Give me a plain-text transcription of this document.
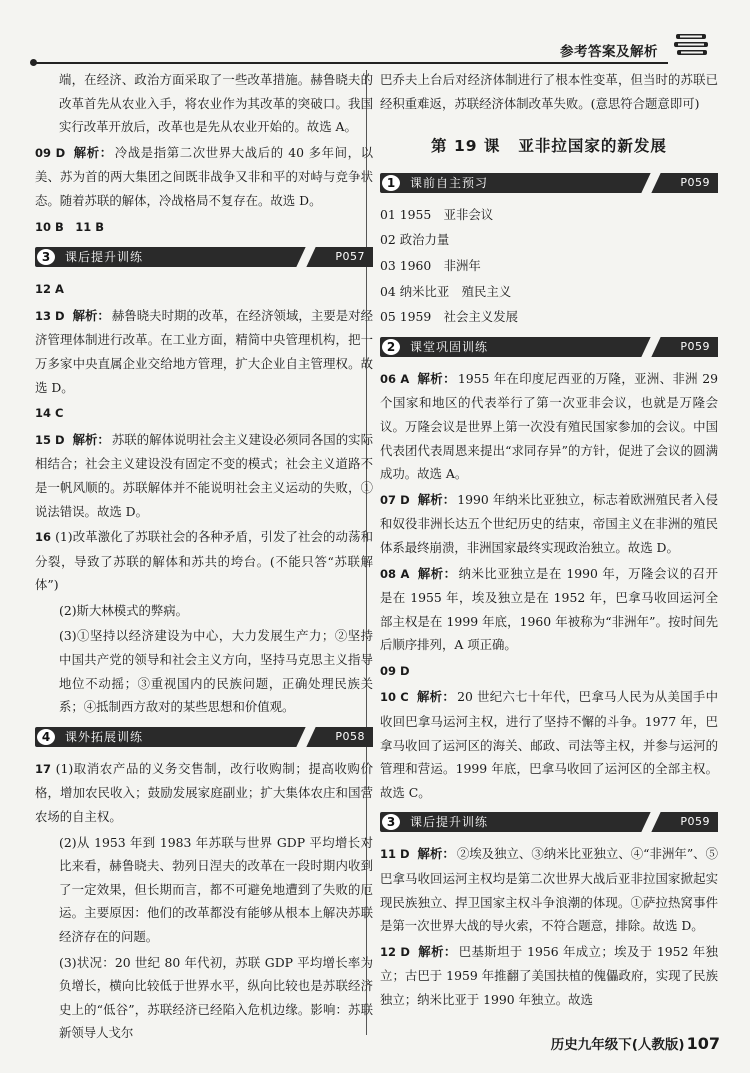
参考答案及解析
端，在经济、政治方面采取了一些改革措施。赫鲁晓夫的改革首先从农业入手，将农业作为其改革的突破口。我国实行改革开放后，改革也是先从农业开始的。故选 A。
09 D 解析： 冷战是指第二次世界大战后的 40 多年间，以美、苏为首的两大集团之间既非战争又非和平的对峙与竞争状态。随着苏联的解体，冷战格局不复存在。故选 D。
10 B　11 B
3	课后提升训练	P057
12 A
13 D 解析： 赫鲁晓夫时期的改革，在经济领域，主要是对经济管理体制进行改革。在工业方面，精简中央管理机构，把一万多家中央直属企业交给地方管理，扩大企业自主管理权。故选 D。
14 C
15 D 解析： 苏联的解体说明社会主义建设必须同各国的实际相结合；社会主义建设没有固定不变的模式；社会主义道路不是一帆风顺的。苏联解体并不能说明社会主义运动的失败，①说法错误。故选 D。
16 (1)改革激化了苏联社会的各种矛盾，引发了社会的动荡和分裂，导致了苏联的解体和苏共的垮台。(不能只答“苏联解体”)
(2)斯大林模式的弊病。
(3)①坚持以经济建设为中心，大力发展生产力；②坚持中国共产党的领导和社会主义方向，坚持马克思主义指导地位不动摇；③重视国内的民族问题，正确处理民族关系；④抵制西方敌对的某些思想和价值观。
4	课外拓展训练	P058
17 (1)取消农产品的义务交售制，改行收购制；提高收购价格，增加农民收入；鼓励发展家庭副业；扩大集体农庄和国营农场的自主权。
(2)从 1953 年到 1983 年苏联与世界 GDP 平均增长对比来看，赫鲁晓夫、勃列日涅夫的改革在一段时期内收到了一定效果，但长期而言，都不可避免地遭到了失败的厄运。主要原因：他们的改革都没有能够从根本上解决苏联经济存在的问题。
(3)状况：20 世纪 80 年代初，苏联 GDP 平均增长率为负增长，横向比较低于世界水平，纵向比较也是苏联经济史上的“低谷”，苏联经济已经陷入危机边缘。影响：苏联新领导人戈尔
巴乔夫上台后对经济体制进行了根本性变革，但当时的苏联已经积重难返，苏联经济体制改革失败。(意思符合题意即可)
第 19 课 亚非拉国家的新发展
1	课前自主预习	P059
01 1955　亚非会议
02 政治力量
03 1960　非洲年
04 纳米比亚　殖民主义
05 1959　社会主义发展
2	课堂巩固训练	P059
06 A 解析： 1955 年在印度尼西亚的万隆，亚洲、非洲 29 个国家和地区的代表举行了第一次亚非会议，也就是万隆会议。万隆会议是世界上第一次没有殖民国家参加的会议。中国代表团代表周恩来提出“求同存异”的方针，促进了会议的圆满成功。故选 A。
07 D 解析： 1990 年纳米比亚独立，标志着欧洲殖民者入侵和奴役非洲长达五个世纪历史的结束，帝国主义在非洲的殖民体系最终崩溃，非洲国家最终实现政治独立。故选 D。
08 A 解析： 纳米比亚独立是在 1990 年，万隆会议的召开是在 1955 年，埃及独立是在 1952 年，巴拿马收回运河全部主权是在 1999 年底，1960 年被称为“非洲年”。按时间先后顺序排列，A 项正确。
09 D
10 C 解析： 20 世纪六七十年代，巴拿马人民为从美国手中收回巴拿马运河主权，进行了坚持不懈的斗争。1977 年，巴拿马收回了运河区的海关、邮政、司法等主权，并参与运河的管理和营运。1999 年底，巴拿马收回了运河区的全部主权。故选 C。
3	课后提升训练	P059
11 D 解析： ②埃及独立、③纳米比亚独立、④“非洲年”、⑤巴拿马收回运河主权均是第二次世界大战后亚非拉国家掀起实现民族独立、捍卫国家主权斗争浪潮的体现。①萨拉热窝事件是第一次世界大战的导火索，不符合题意，排除。故选 D。
12 D 解析： 巴基斯坦于 1956 年成立；埃及于 1952 年独立；古巴于 1959 年推翻了美国扶植的傀儡政府，实现了民族独立；纳米比亚于 1990 年独立。故选
历史九年级下(人教版) 107
